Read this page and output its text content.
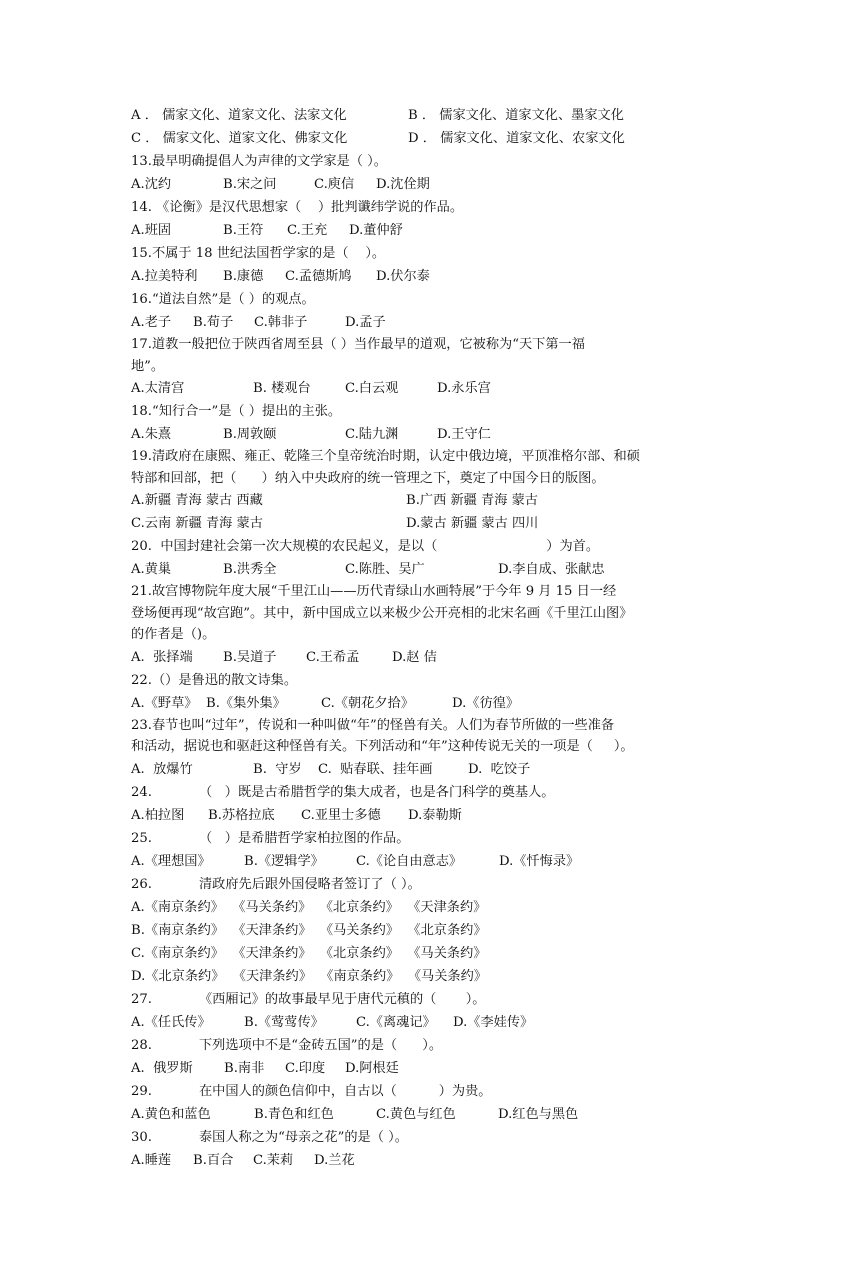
A ． 儒家文化、道家文化、法家文化

	B ． 儒家文化、道家文化、墨家文化

C ． 儒家文化、道家文化、佛家文化

	D ． 儒家文化、道家文化、农家文化

13.最早明确提倡人为声律的文学家是（ ）。

A.沈约

	B.宋之问

	C.庾信

D.沈佺期

14. 《论衡》是汉代思想家（    ）批判谶纬学说的作品。

A.班固

	B.王符

C.王充

D.董仲舒

15.不属于 18 世纪法国哲学家的是（    ）。

A.拉美特利

B.康德

C.孟德斯鸠

D.伏尔泰

16.“道法自然”是（ ）的观点。

A.老子

B.荀子

C.韩非子

	D.孟子

17.道教一般把位于陕西省周至县（ ）当作最早的道观，它被称为“天下第一福
地”。

A.太清宫

	B. 楼观台

	C.白云观

	D.永乐宫

18.“知行合一”是（ ）提出的主张。

A.朱熹

	B.周敦颐

	C.陆九渊

	D.王守仁

19.清政府在康熙、雍正、乾隆三个皇帝统治时期，认定中俄边境，平顶准格尔部、和硕
特部和回部，把（      ）纳入中央政府的统一管理之下，奠定了中国今日的版图。

A.新疆 青海 蒙古 西藏

	B.广西 新疆 青海 蒙古

C.云南 新疆 青海 蒙古

	D.蒙古 新疆 蒙古 四川

20.  中国封建社会第一次大规模的农民起义，是以（                          ）为首。

A.黄巢

	B.洪秀全

	C.陈胜、吴广

	D.李自成、张献忠

21.故宫博物院年度大展“千里江山——历代青绿山水画特展”于今年 9 月 15 日一经
登场便再现“故宫跑”。其中，新中国成立以来极少公开亮相的北宋名画《千里江山图》
的作者是（)。

A.  张择端

B.吴道子

C.王希孟

D.赵 佶

22.（）是鲁迅的散文诗集。

A.《野草》

B.《集外集》

	C.《朝花夕拾》

	D.《彷徨》

23.春节也叫“过年”，传说和一种叫做“年”的怪兽有关。人们为春节所做的一些准备
和活动，据说也和驱赶这种怪兽有关。下列活动和“年”这种传说无关的一项是（     ）。

A.  放爆竹

	B.  守岁

C.  贴春联、挂年画

	D.  吃饺子

24.

	（   ）既是古希腊哲学的集大成者，也是各门科学的奠基人。

A.柏拉图

B.苏格拉底

C.亚里士多德

D.泰勒斯

25.

	（   ）是希腊哲学家柏拉图的作品。

A.《理想国》

	B.《逻辑学》

C.《论自由意志》

	D.《忏悔录》

26.

	清政府先后跟外国侵略者签订了（ ）。

A.《南京条约》  《马关条约》  《北京条约》  《天津条约》
B.《南京条约》  《天津条约》  《马关条约》  《北京条约》
C.《南京条约》  《天津条约》  《北京条约》  《马关条约》
D.《北京条约》  《天津条约》  《南京条约》  《马关条约》

27.

	《西厢记》的故事最早见于唐代元稹的（       ）。

A.《任氏传》

	B.《莺莺传》

C.《离魂记》

D.《李娃传》

28.

	下列选项中不是“金砖五国”的是（      ）。

A.  俄罗斯

B.南非

C.印度

D.阿根廷

29.

	在中国人的颜色信仰中，自古以（          ）为贵。

A.黄色和蓝色

	B.青色和红色

	C.黄色与红色

	D.红色与黑色

30.

	泰国人称之为“母亲之花”的是（ ）。

A.睡莲

B.百合

C.茉莉

D.兰花
